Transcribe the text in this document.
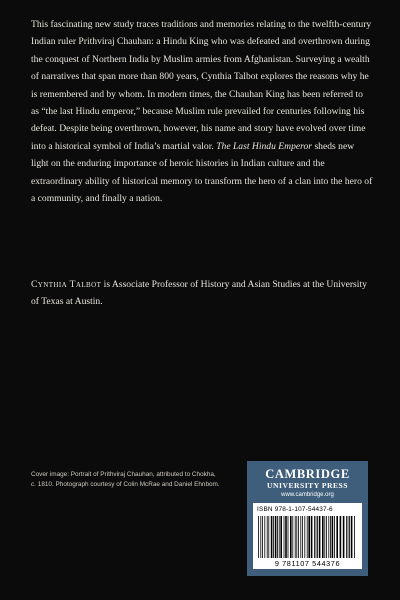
This fascinating new study traces traditions and memories relating to the twelfth-century Indian ruler Prithviraj Chauhan: a Hindu King who was defeated and overthrown during the conquest of Northern India by Muslim armies from Afghanistan. Surveying a wealth of narratives that span more than 800 years, Cynthia Talbot explores the reasons why he is remembered and by whom. In modern times, the Chauhan King has been referred to as “the last Hindu emperor,” because Muslim rule prevailed for centuries following his defeat. Despite being overthrown, however, his name and story have evolved over time into a historical symbol of India’s martial valor. The Last Hindu Emperor sheds new light on the enduring importance of heroic histories in Indian culture and the extraordinary ability of historical memory to transform the hero of a clan into the hero of a community, and finally a nation.

Cynthia Talbot is Associate Professor of History and Asian Studies at the University of Texas at Austin.
Cover image: Portrait of Prithviraj Chauhan, attributed to Chokha, c. 1810. Photograph courtesy of Colin McRae and Daniel Ehnbom.
CAMBRIDGE
UNIVERSITY PRESS
www.cambridge.org
ISBN 978-1-107-54437-6
9 781107 544376
